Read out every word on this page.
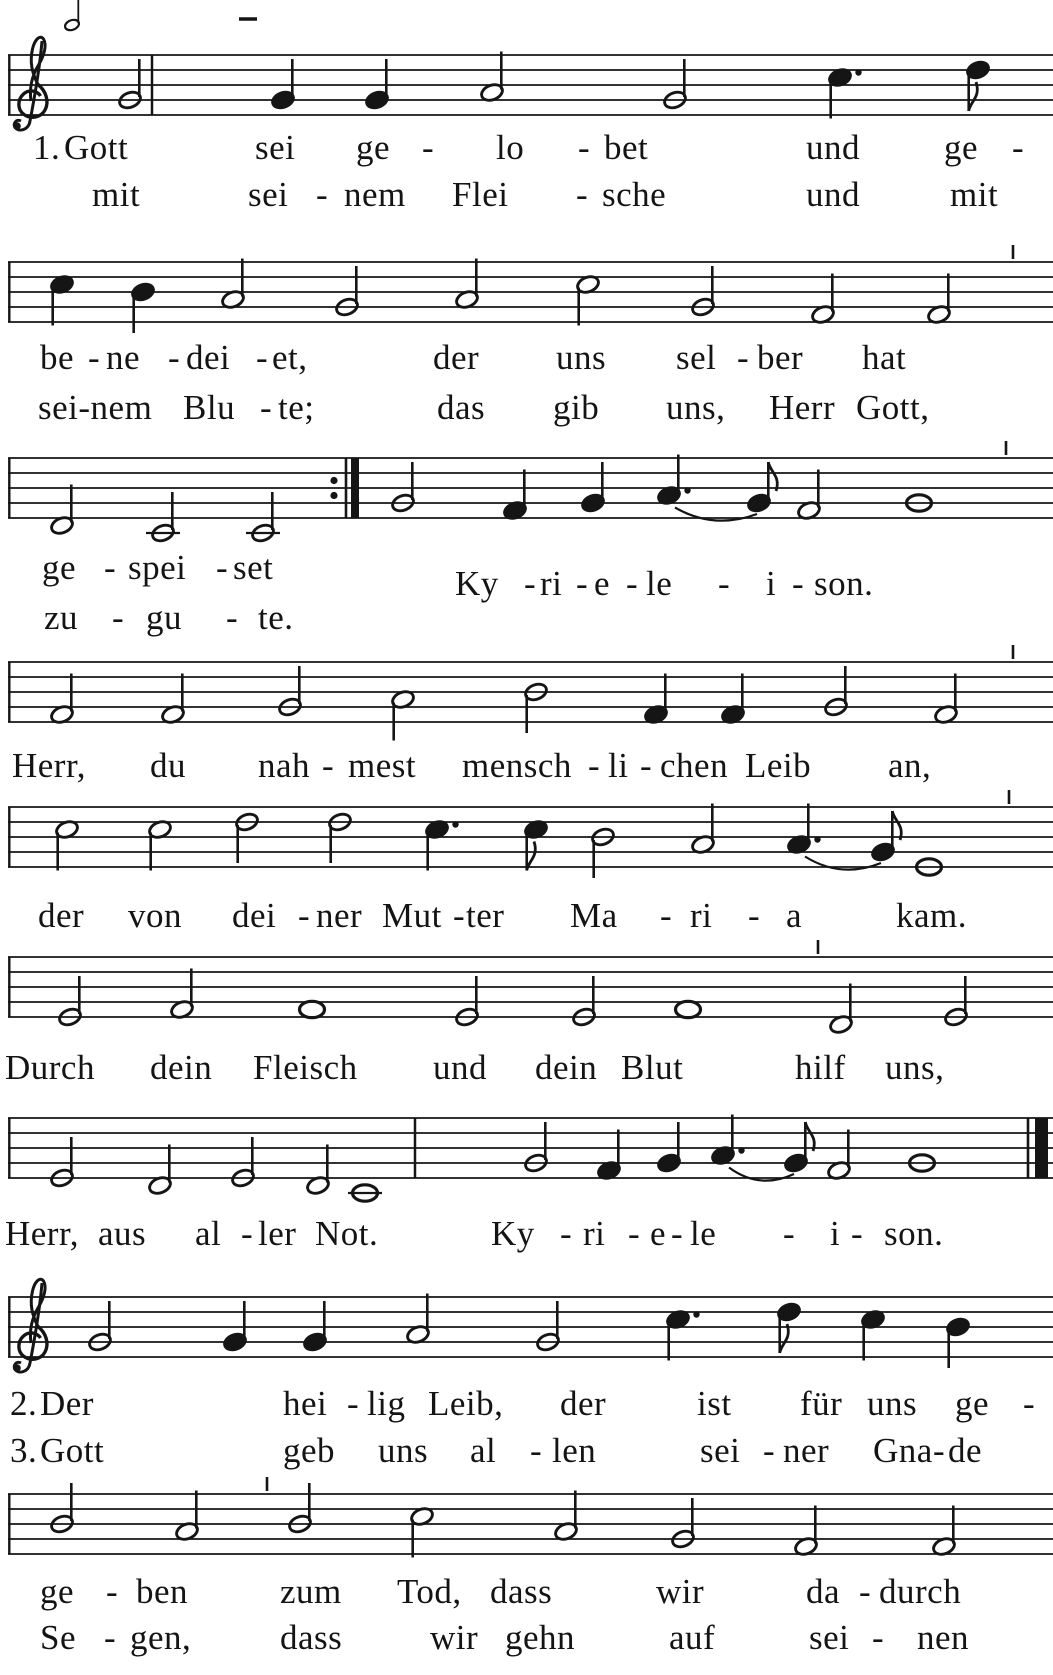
1. Gott	sei ge - lo - bet	und ge -
mit	sei - nem Flei - sche	und	mit
be - ne - dei - et,	der uns sel - ber hat
sei-nem Blu - te;	das gib uns, Herr Gott,
ge - spei - set	Ky - ri - e - le - i - son.
zu - gu - te.
Herr, du nah - mest mensch - li - chen Leib an,
der von dei - ner Mut - ter Ma - ri - a	kam.
Durch dein Fleisch und dein Blut	hilf uns,
Herr, aus al - ler Not.	Ky - ri - e - le - i - son.
2. Der	hei - lig Leib, der	ist für uns ge -
3. Gott	geb uns al - len	sei - ner Gna - de
ge - ben	zum Tod, dass	wir	da - durch
Se - gen,	dass	wir gehn	auf	sei - nen
